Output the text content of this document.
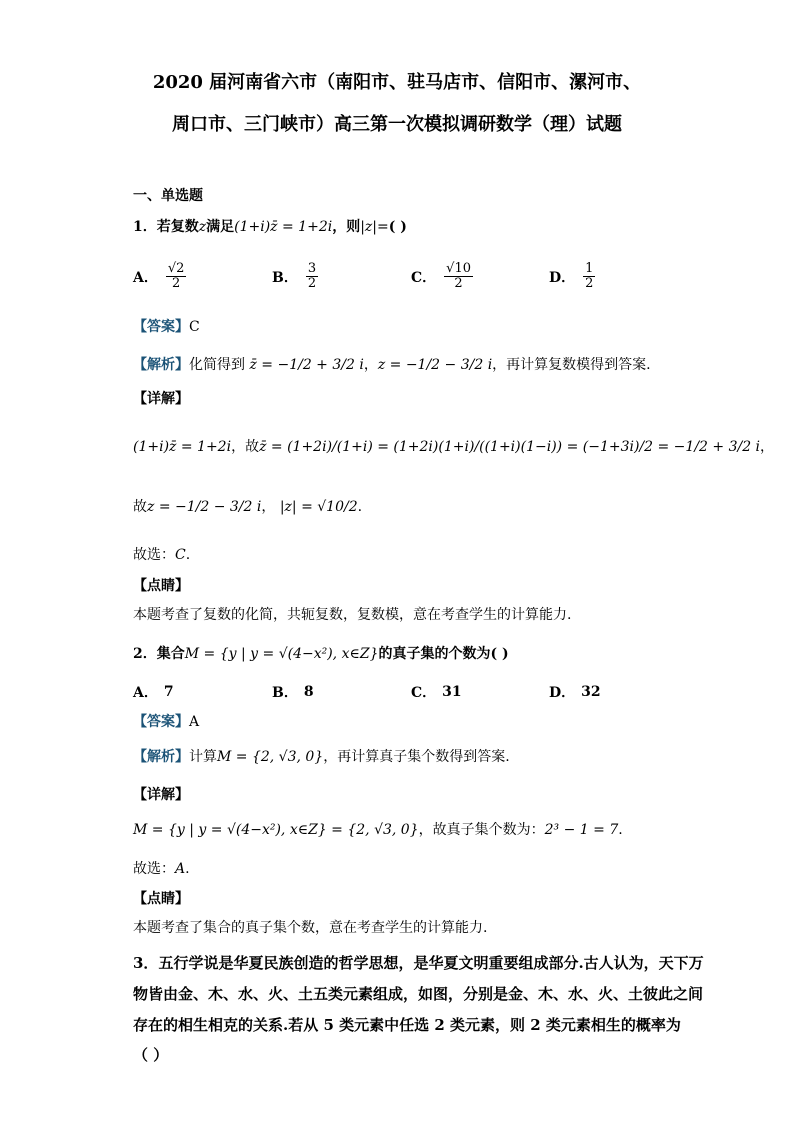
2020 届河南省六市（南阳市、驻马店市、信阳市、漯河市、
周口市、三门峡市）高三第一次模拟调研数学（理）试题
一、单选题
1．若复数z满足(1+i)z̄ = 1+2i，则|z|=( )
A． $\frac{√2}{2}$	B． $\frac{3}{2}$	C． $\frac{√10}{2}$	D． $\frac{1}{2}$
【答案】C
【解析】化简得到 z̄ = −1/2 + 3/2 i，z = −1/2 − 3/2 i，再计算复数模得到答案.
【详解】
(1+i)z̄ = 1+2i，故z̄ = (1+2i)/(1+i) = (1+2i)(1+i)/((1+i)(1−i)) = (−1+3i)/2 = −1/2 + 3/2 i，
故z = −1/2 − 3/2 i， |z| = √10/2.
故选：C.
【点睛】
本题考查了复数的化简，共轭复数，复数模，意在考查学生的计算能力.
2．集合M = {y | y = √(4−x²), x∈Z}的真子集的个数为( )
A． 7	B． 8	C． 31	D． 32
【答案】A
【解析】计算M = {2, √3, 0}，再计算真子集个数得到答案.
【详解】
M = {y | y = √(4−x²), x∈Z} = {2, √3, 0}，故真子集个数为：2³ − 1 = 7.
故选：A.
【点睛】
本题考查了集合的真子集个数，意在考查学生的计算能力.
3．五行学说是华夏民族创造的哲学思想，是华夏文明重要组成部分.古人认为，天下万
物皆由金、木、水、火、土五类元素组成，如图，分别是金、木、水、火、土彼此之间
存在的相生相克的关系.若从 5 类元素中任选 2 类元素，则 2 类元素相生的概率为
（ ）
